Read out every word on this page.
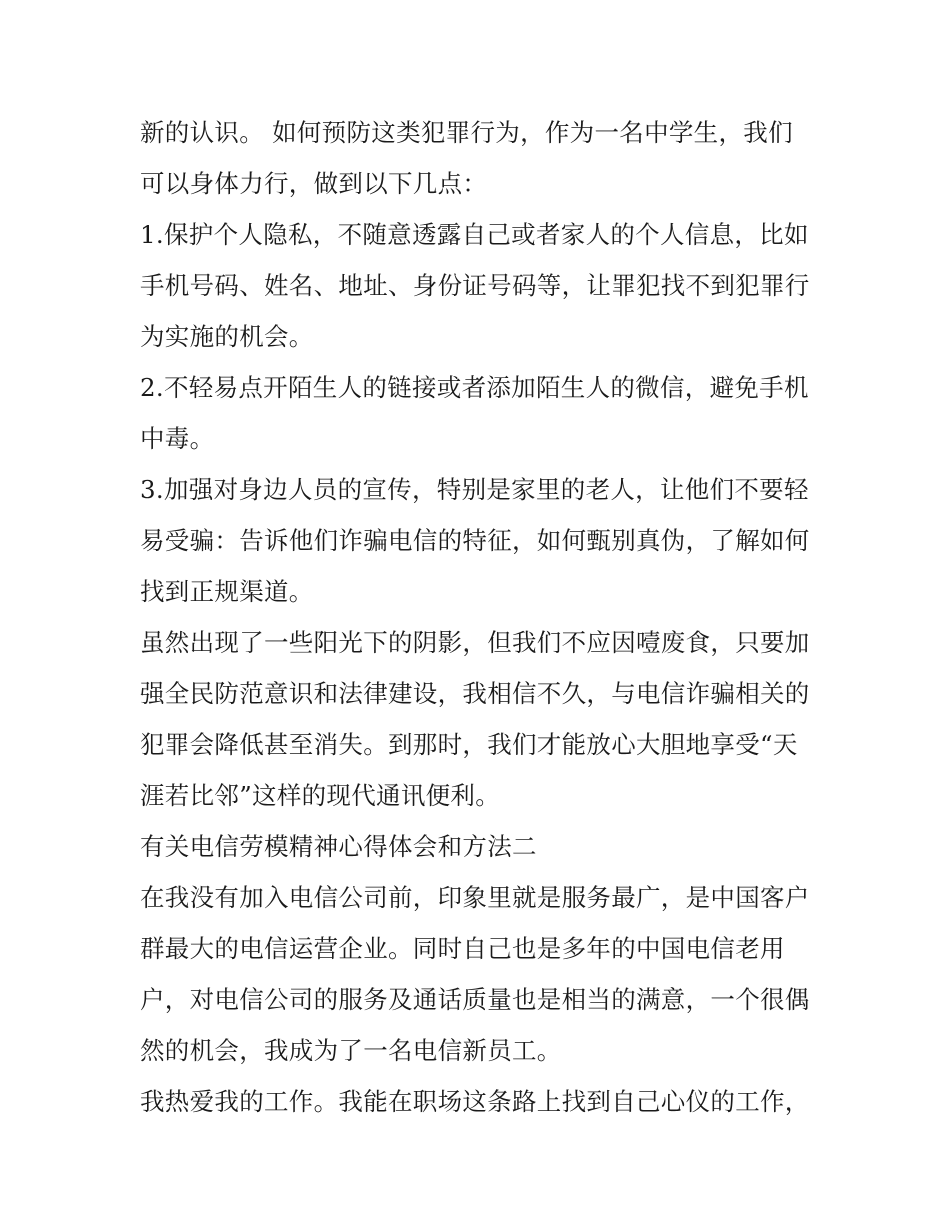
新的认识。 如何预防这类犯罪行为，作为一名中学生，我们
可以身体力行，做到以下几点：
1.保护个人隐私，不随意透露自己或者家人的个人信息，比如
手机号码、姓名、地址、身份证号码等，让罪犯找不到犯罪行
为实施的机会。
2.不轻易点开陌生人的链接或者添加陌生人的微信，避免手机
中毒。
3.加强对身边人员的宣传，特别是家里的老人，让他们不要轻
易受骗：告诉他们诈骗电信的特征，如何甄别真伪，了解如何
找到正规渠道。
虽然出现了一些阳光下的阴影，但我们不应因噎废食，只要加
强全民防范意识和法律建设，我相信不久，与电信诈骗相关的
犯罪会降低甚至消失。到那时，我们才能放心大胆地享受“天
涯若比邻”这样的现代通讯便利。
有关电信劳模精神心得体会和方法二
在我没有加入电信公司前，印象里就是服务最广，是中国客户
群最大的电信运营企业。同时自己也是多年的中国电信老用
户，对电信公司的服务及通话质量也是相当的满意，一个很偶
然的机会，我成为了一名电信新员工。
我热爱我的工作。我能在职场这条路上找到自己心仪的工作，
